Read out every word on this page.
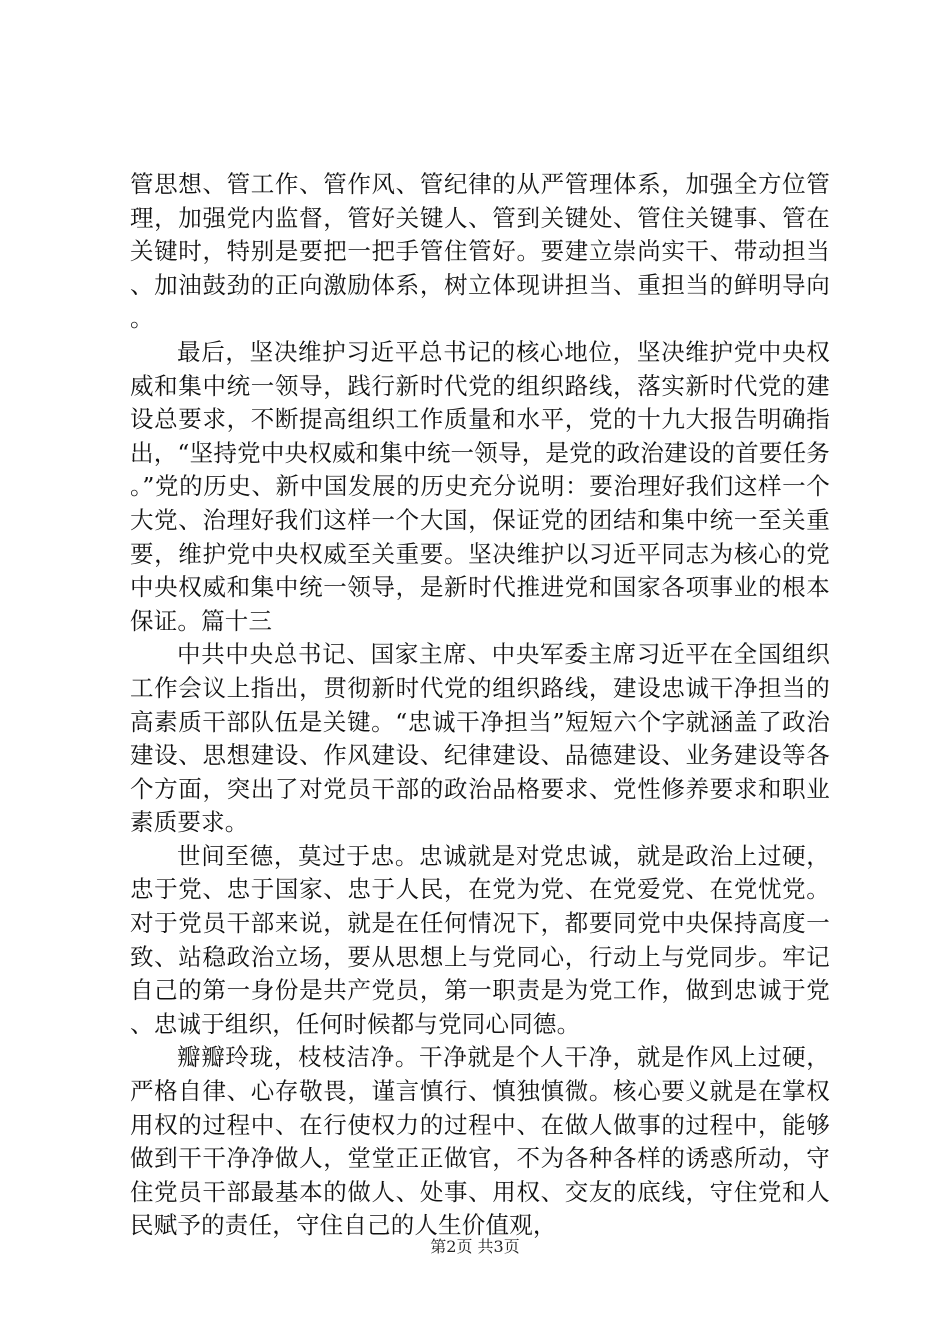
管思想、管工作、管作风、管纪律的从严管理体系，加强全方位管理，加强党内监督，管好关键人、管到关键处、管住关键事、管在关键时，特别是要把一把手管住管好。要建立崇尚实干、带动担当、加油鼓劲的正向激励体系，树立体现讲担当、重担当的鲜明导向。

最后，坚决维护习近平总书记的核心地位，坚决维护党中央权威和集中统一领导，践行新时代党的组织路线，落实新时代党的建设总要求，不断提高组织工作质量和水平，党的十九大报告明确指出，“坚持党中央权威和集中统一领导，是党的政治建设的首要任务。”党的历史、新中国发展的历史充分说明：要治理好我们这样一个大党、治理好我们这样一个大国，保证党的团结和集中统一至关重要，维护党中央权威至关重要。坚决维护以习近平同志为核心的党中央权威和集中统一领导，是新时代推进党和国家各项事业的根本保证。篇十三

中共中央总书记、国家主席、中央军委主席习近平在全国组织工作会议上指出，贯彻新时代党的组织路线，建设忠诚干净担当的高素质干部队伍是关键。“忠诚干净担当”短短六个字就涵盖了政治建设、思想建设、作风建设、纪律建设、品德建设、业务建设等各个方面，突出了对党员干部的政治品格要求、党性修养要求和职业素质要求。

世间至德，莫过于忠。忠诚就是对党忠诚，就是政治上过硬，忠于党、忠于国家、忠于人民，在党为党、在党爱党、在党忧党。对于党员干部来说，就是在任何情况下，都要同党中央保持高度一致、站稳政治立场，要从思想上与党同心，行动上与党同步。牢记自己的第一身份是共产党员，第一职责是为党工作，做到忠诚于党、忠诚于组织，任何时候都与党同心同德。

瓣瓣玲珑，枝枝洁净。干净就是个人干净，就是作风上过硬，严格自律、心存敬畏，谨言慎行、慎独慎微。核心要义就是在掌权用权的过程中、在行使权力的过程中、在做人做事的过程中，能够做到干干净净做人，堂堂正正做官，不为各种各样的诱惑所动，守住党员干部最基本的做人、处事、用权、交友的底线，守住党和人民赋予的责任，守住自己的人生价值观，

第2页 共3页
